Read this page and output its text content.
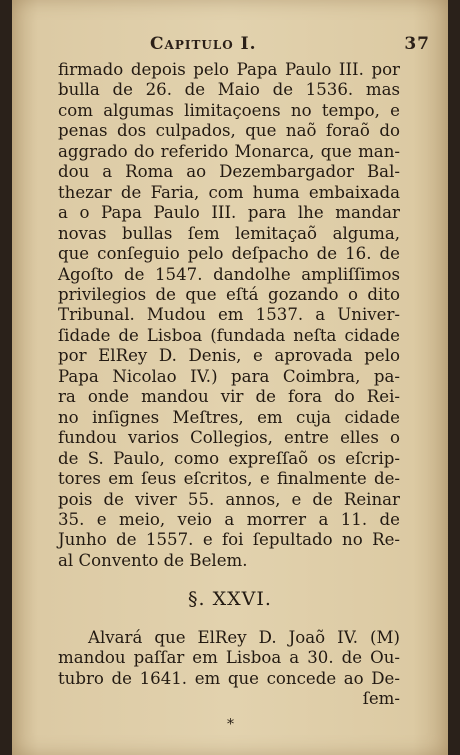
Capitulo I.	37
firmado depois pelo Papa Paulo III. por
bulla de 26. de Maio de 1536. mas
com algumas limitaçoens no tempo, e
penas dos culpados, que naõ foraõ do
aggrado do referido Monarca, que man-
dou a Roma ao Dezembargador Bal-
thezar de Faria, com huma embaixada
a o Papa Paulo III. para lhe mandar
novas bullas ſem lemitaçaõ alguma,
que conſeguio pelo deſpacho de 16. de
Agoſto de 1547. dandolhe ampliſſimos
privilegios de que eſtá gozando o dito
Tribunal. Mudou em 1537. a Univer-
ſidade de Lisboa (fundada neſta cidade
por ElRey D. Denis, e aprovada pelo
Papa Nicolao IV.) para Coimbra, pa-
ra onde mandou vir de fora do Rei-
no inſignes Meſtres, em cuja cidade
fundou varios Collegios, entre elles o
de S. Paulo, como expreſſaõ os eſcrip-
tores em ſeus eſcritos, e finalmente de-
pois de viver 55. annos, e de Reinar
35. e meio, veio a morrer a 11. de
Junho de 1557. e foi ſepultado no Re-
al Convento de Belem.
§. XXVI.
Alvará que ElRey D. Joaõ IV. (M)
mandou paſſar em Lisboa a 30. de Ou-
tubro de 1641. em que concede ao De-
ſem-
⁎
